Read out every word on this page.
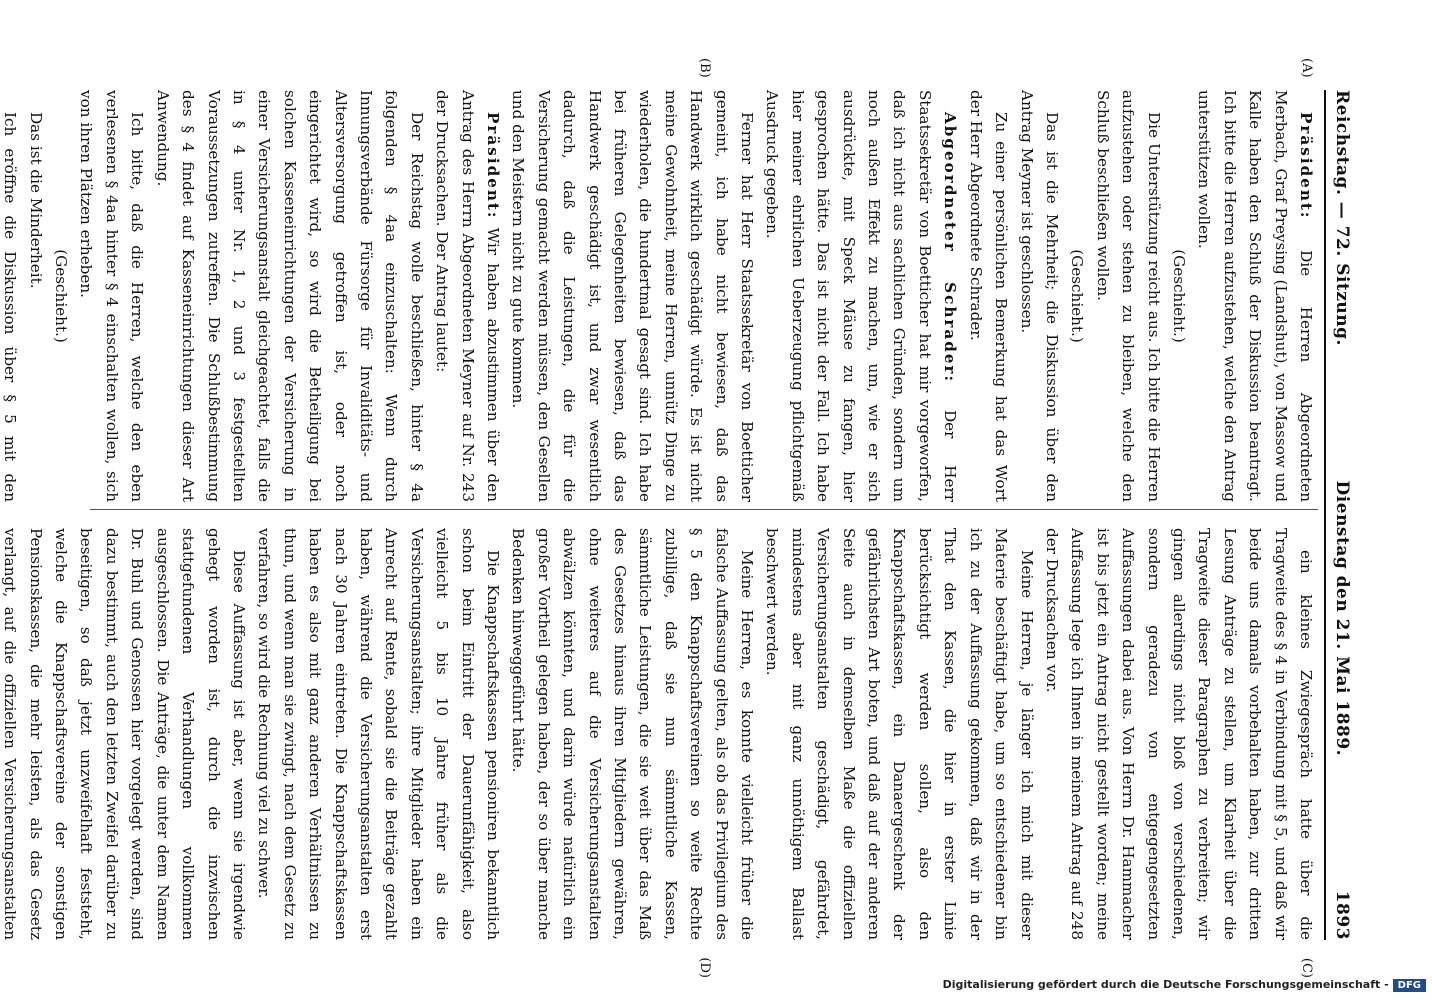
Reichstag. — 72. Sitzung.
Dienstag den 21. Mai 1889.
1893
(A)
(B)
(C)
(D)

Präsident: Die Herren Abgeordneten Merbach, Graf Preysing (Landshut), von Massow und Kalle haben den Schluß der Diskussion beantragt. Ich bitte die Herren aufzustehen, welche den Antrag unterstützen wollen.

(Geschieht.)

Die Unterstützung reicht aus. Ich bitte die Herren aufzustehen oder stehen zu bleiben, welche den Schluß beschließen wollen.

(Geschieht.)

Das ist die Mehrheit; die Diskussion über den Antrag Meyner ist geschlossen.

Zu einer persönlichen Bemerkung hat das Wort der Herr Abgeordnete Schrader.

Abgeordneter Schrader: Der Herr Staatssekretär von Boetticher hat mir vorgeworfen, daß ich nicht aus sachlichen Gründen, sondern um noch außen Effekt zu machen, um, wie er sich ausdrückte, mit Speck Mäuse zu fangen, hier gesprochen hätte. Das ist nicht der Fall. Ich habe hier meiner ehrlichen Ueberzeugung pflichtgemäß Ausdruck gegeben.

Ferner hat Herr Staatssekretär von Boetticher gemeint, ich habe nicht bewiesen, daß das Handwerk wirklich geschädigt würde. Es ist nicht meine Gewohnheit, meine Herren, unnütz Dinge zu wiederholen, die hundertmal gesagt sind. Ich habe bei früheren Gelegenheiten bewiesen, daß das Handwerk geschädigt ist, und zwar wesentlich dadurch, daß die Leistungen, die für die Versicherung gemacht werden müssen, den Gesellen und den Meistern nicht zu gute kommen.

Präsident: Wir haben abzustimmen über den Antrag des Herrn Abgeordneten Meyner auf Nr. 243 der Drucksachen. Der Antrag lautet:

Der Reichstag wolle beschließen, hinter § 4a folgenden § 4aa einzuschalten: Wenn durch Innungsverbände Fürsorge für Invaliditäts- und Altersversorgung getroffen ist, oder noch eingerichtet wird, so wird die Betheiligung bei solchen Kasseneinrichtungen der Versicherung in einer Versicherungsanstalt gleichgeachtet, falls die in § 4 unter Nr. 1, 2 und 3 festgestellten Voraussetzungen zutreffen. Die Schlußbestimmung des § 4 findet auf Kasseneinrichtungen dieser Art Anwendung.

Ich bitte, daß die Herren, welche den eben verlesenen § 4aa hinter § 4 einschalten wollen, sich von ihren Plätzen erheben.

(Geschieht.)

Das ist die Minderheit.

Ich eröffne die Diskussion über § 5 mit den

ein kleines Zwiegespräch hatte über die Tragweite des § 4 in Verbindung mit § 5, und daß wir beide uns damals vorbehalten haben, zur dritten Lesung Anträge zu stellen, um Klarheit über die Tragweite dieser Paragraphen zu verbreiten; wir gingen allerdings nicht bloß von verschiedenen, sondern geradezu von entgegengesetzten Auffassungen dabei aus. Von Herrn Dr. Hammacher ist bis jetzt ein Antrag nicht gestellt worden; meine Auffassung lege ich Ihnen in meinem Antrag auf 248 der Drucksachen vor.

Meine Herren, je länger ich mich mit dieser Materie beschäftigt habe, um so entschiedener bin ich zu der Auffassung gekommen, daß wir in der That den Kassen, die hier in erster Linie berücksichtigt werden sollen, also den Knappschaftskassen, ein Danaergeschenk der gefährlichsten Art boten, und daß auf der anderen Seite auch in demselben Maße die offiziellen Versicherungsanstalten geschädigt, gefährdet, mindestens aber mit ganz unnöthigem Ballast beschwert werden.

Meine Herren, es konnte vielleicht früher die falsche Auffassung gelten, als ob das Privilegium des § 5 den Knappschaftsvereinen so weite Rechte zubillige, daß sie nun sämmtliche Kassen, sämmtliche Leistungen, die sie weit über das Maß des Gesetzes hinaus ihren Mitgliedern gewähren, ohne weiteres auf die Versicherungsanstalten abwälzen könnten, und darin würde natürlich ein großer Vortheil gelegen haben, der so über manche Bedenken hinweggeführt hätte.

Die Knappschaftskassen pensioniren bekanntlich schon beim Eintritt der Dauerunfähigkeit, also vielleicht 5 bis 10 Jahre früher als die Versicherungsanstalten; ihre Mitglieder haben ein Anrecht auf Rente, sobald sie die Beiträge gezahlt haben, während die Versicherungsanstalten erst nach 30 Jahren eintreten. Die Knappschaftskassen haben es also mit ganz anderen Verhältnissen zu thun, und wenn man sie zwingt, nach dem Gesetz zu verfahren, so wird die Rechnung viel zu schwer.

Diese Auffassung ist aber, wenn sie irgendwie gehegt worden ist, durch die inzwischen stattgefundenen Verhandlungen vollkommen ausgeschlossen. Die Anträge, die unter dem Namen Dr. Buhl und Genossen hier vorgelegt werden, sind dazu bestimmt, auch den letzten Zweifel darüber zu beseitigen, so daß jetzt unzweifelhaft feststeht, welche die Knappschaftsvereine der sonstigen Pensionskassen, die mehr leisten, als das Gesetz verlangt, auf die offiziellen Versicherungsanstalten

Digitalisierung gefördert durch die Deutsche Forschungsgemeinschaft - DFG
